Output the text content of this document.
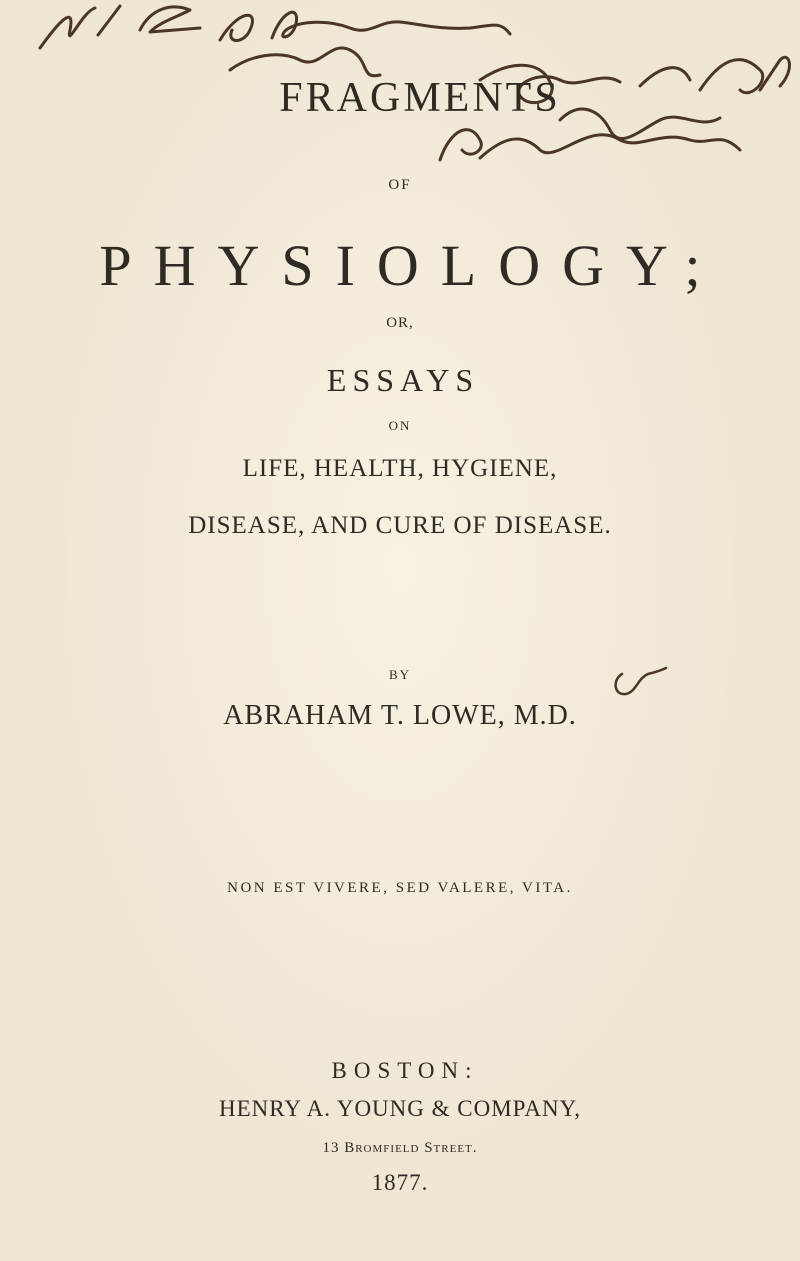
FRAGMENTS
OF
PHYSIOLOGY;
OR,
ESSAYS
ON
LIFE, HEALTH, HYGIENE,
DISEASE, AND CURE OF DISEASE.
BY
ABRAHAM T. LOWE, M.D.
NON EST VIVERE, SED VALERE, VITA.
BOSTON:
HENRY A. YOUNG & COMPANY,
13 Bromfield Street.
1877.
